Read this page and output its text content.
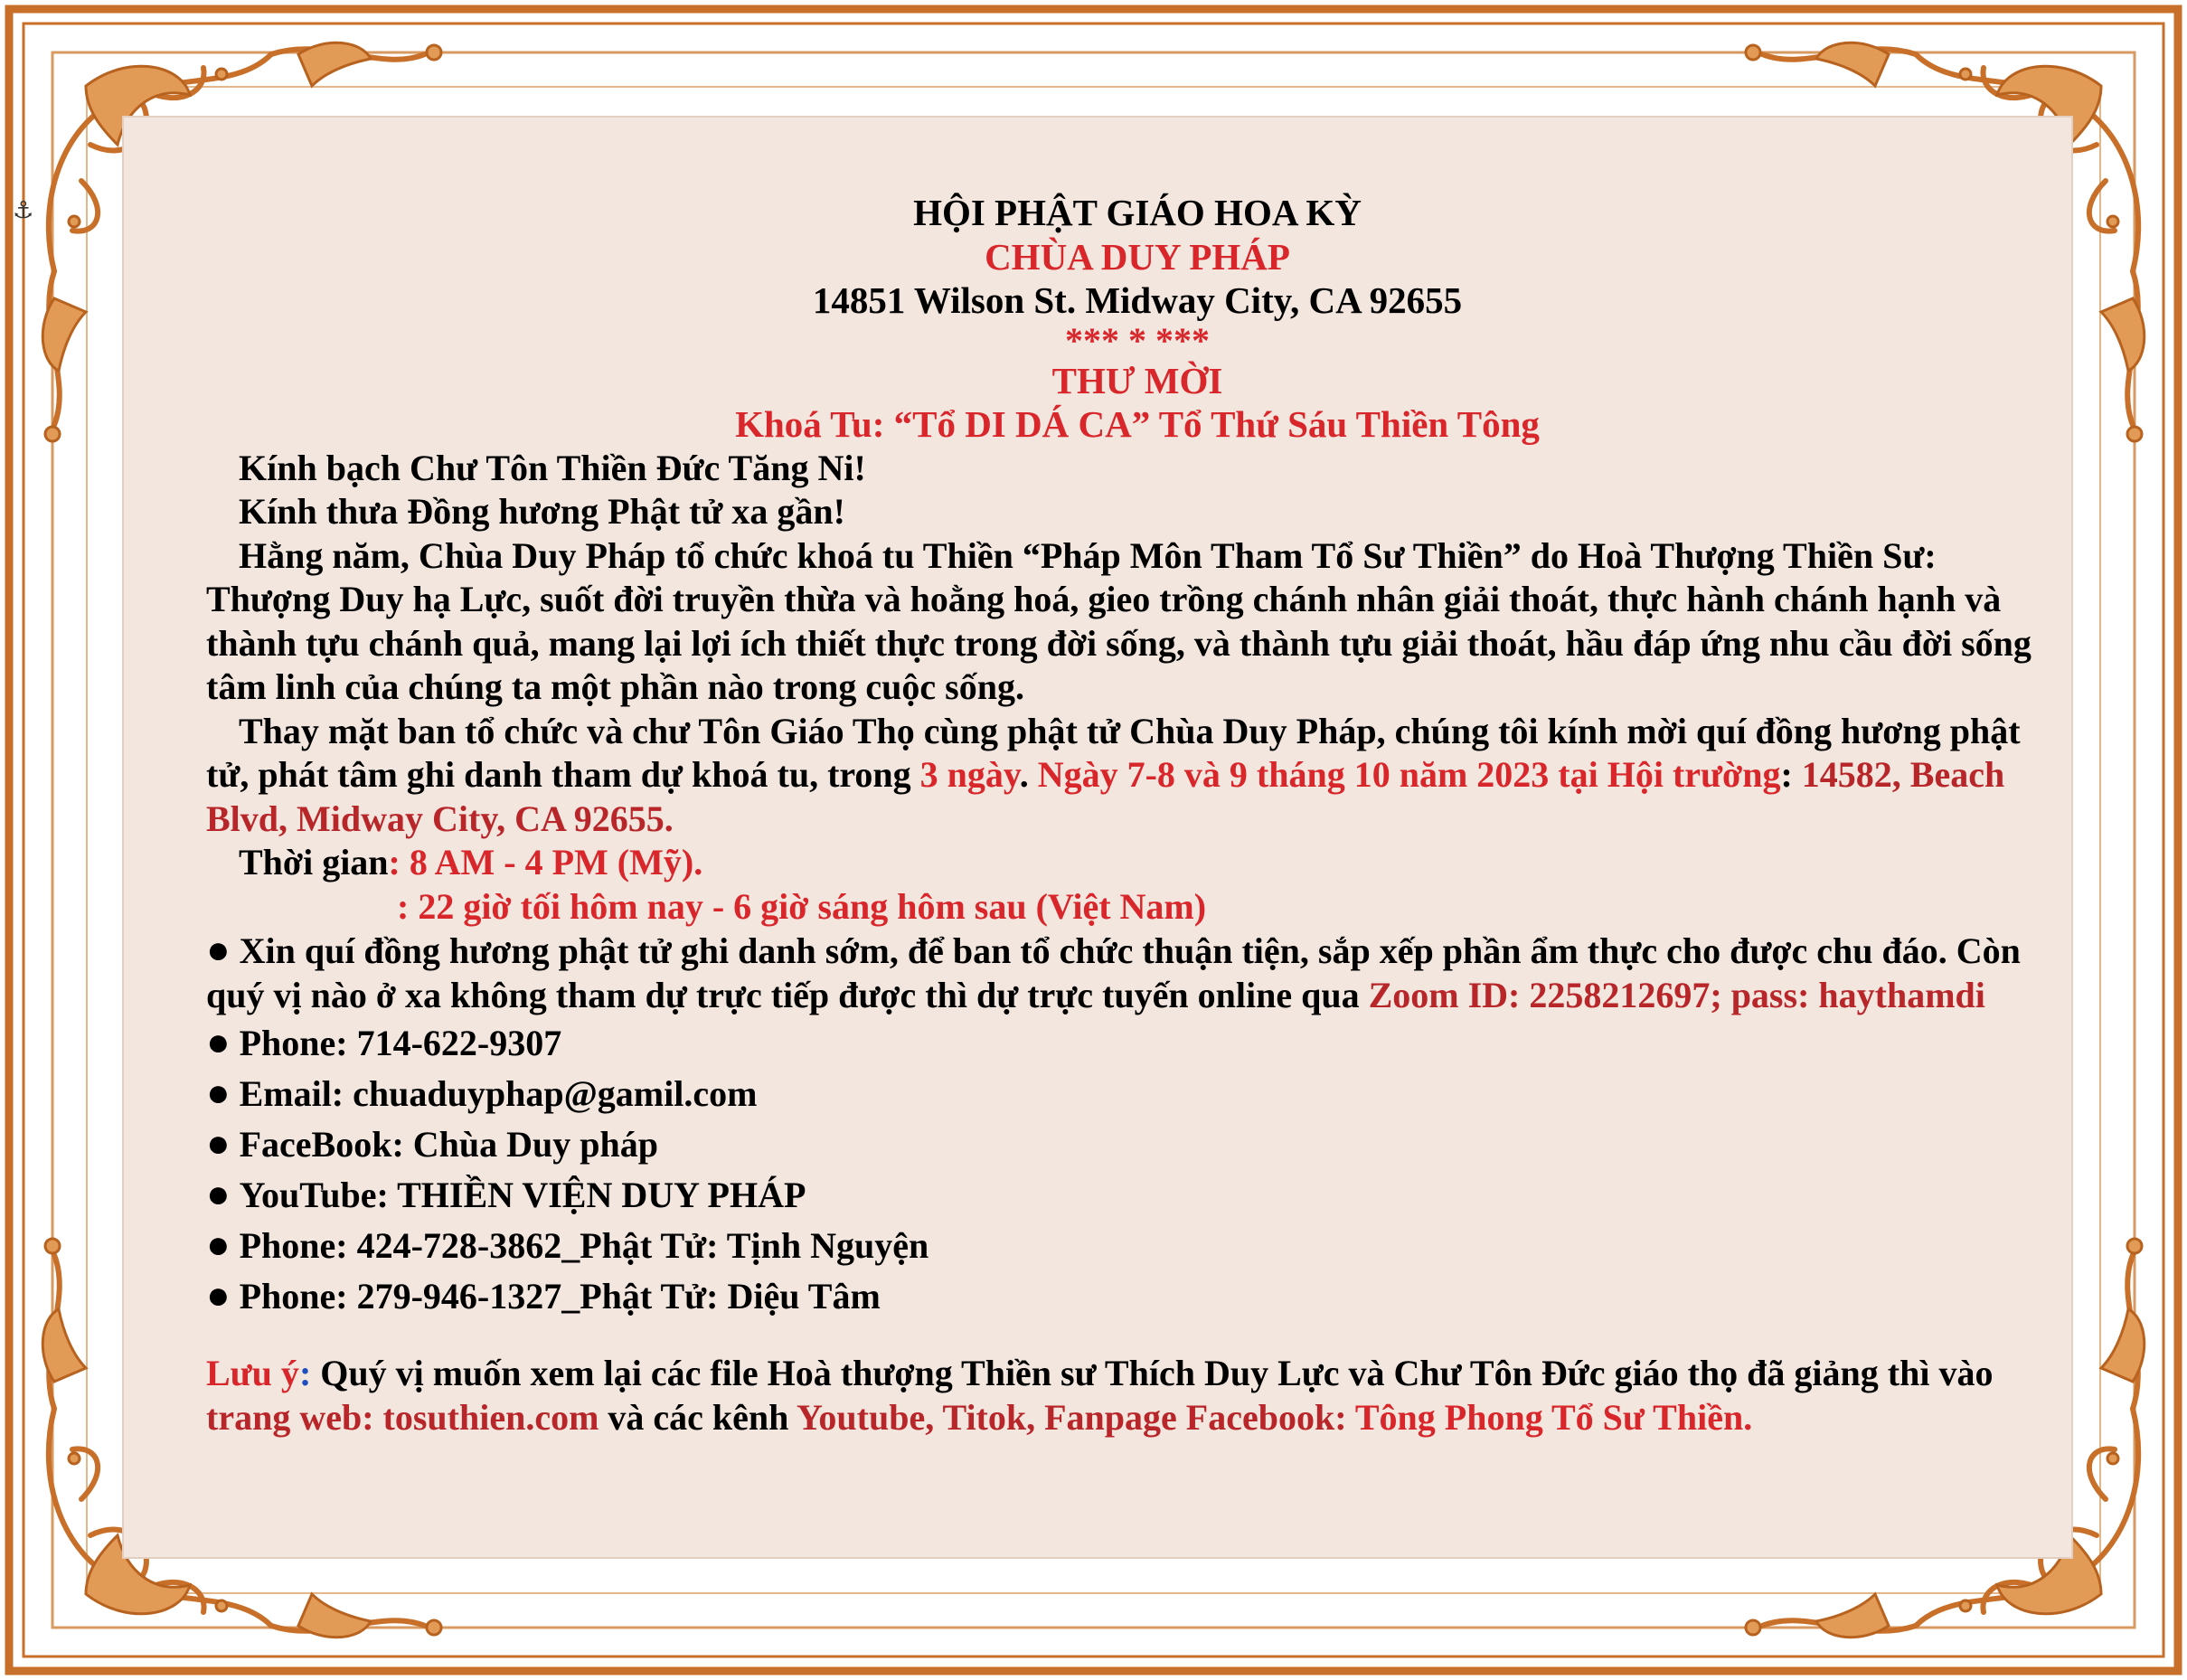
⚓	HỘI PHẬT GIÁO HOA KỲ
CHÙA DUY PHÁP
14851 Wilson St. Midway City, CA 92655
*** * ***
THƯ MỜI
Khoá Tu: “Tổ DI DÁ CA” Tổ Thứ Sáu Thiền Tông

Kính bạch Chư Tôn Thiền Đức Tăng Ni!

Kính thưa Đồng hương Phật tử xa gần!

Hằng năm, Chùa Duy Pháp tổ chức khoá tu Thiền “Pháp Môn Tham Tổ Sư Thiền” do Hoà Thượng Thiền Sư: Thượng Duy hạ Lực, suốt đời truyền thừa và hoằng hoá, gieo trồng chánh nhân giải thoát, thực hành chánh hạnh và thành tựu chánh quả, mang lại lợi ích thiết thực trong đời sống, và thành tựu giải thoát, hầu đáp ứng nhu cầu đời sống tâm linh của chúng ta một phần nào trong cuộc sống.

Thay mặt ban tổ chức và chư Tôn Giáo Thọ cùng phật tử Chùa Duy Pháp, chúng tôi kính mời quí đồng hương phật tử, phát tâm ghi danh tham dự khoá tu, trong 3 ngày. Ngày 7-8 và 9 tháng 10 năm 2023 tại Hội trường: 14582, Beach Blvd, Midway City, CA 92655.

Thời gian: 8 AM - 4 PM (Mỹ).

: 22 giờ tối hôm nay - 6 giờ sáng hôm sau (Việt Nam)

● Xin quí đồng hương phật tử ghi danh sớm, để ban tổ chức thuận tiện, sắp xếp phần ẩm thực cho được chu đáo. Còn quý vị nào ở xa không tham dự trực tiếp được thì dự trực tuyến online qua Zoom ID: 2258212697; pass: haythamdi

● Phone: 714-622-9307

● Email: chuaduyphap@gamil.com

● FaceBook: Chùa Duy pháp

● YouTube: THIỀN VIỆN DUY PHÁP

● Phone: 424-728-3862_Phật Tử: Tịnh Nguyện

● Phone: 279-946-1327_Phật Tử: Diệu Tâm

Lưu ý: Quý vị muốn xem lại các file Hoà thượng Thiền sư Thích Duy Lực và Chư Tôn Đức giáo thọ đã giảng thì vào trang web: tosuthien.com và các kênh Youtube, Titok, Fanpage Facebook: Tông Phong Tổ Sư Thiền.
